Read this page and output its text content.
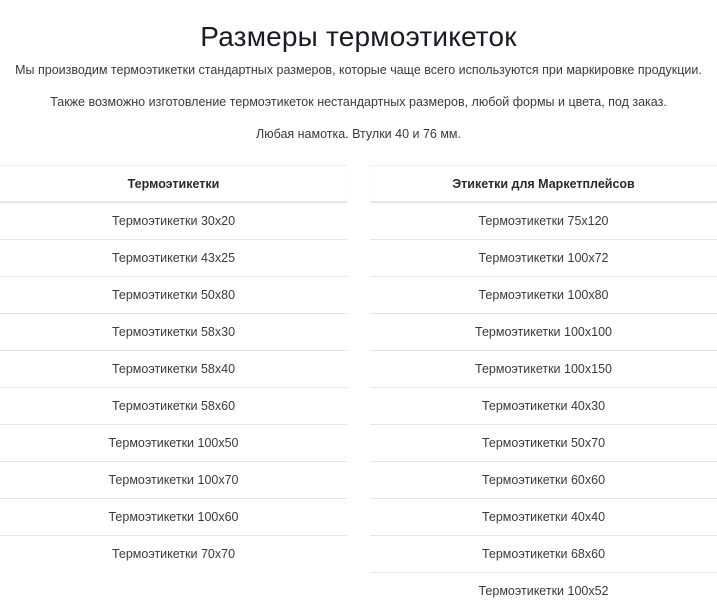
Размеры термоэтикеток

Мы производим термоэтикетки стандартных размеров, которые чаще всего используются при маркировке продукции.

Также возможно изготовление термоэтикеток нестандартных размеров, любой формы и цвета, под заказ.

Любая намотка. Втулки 40 и 76 мм.

Термоэтикетки
Термоэтикетки 30x20
Термоэтикетки 43x25
Термоэтикетки 50x80
Термоэтикетки 58x30
Термоэтикетки 58x40
Термоэтикетки 58x60
Термоэтикетки 100x50
Термоэтикетки 100x70
Термоэтикетки 100x60
Термоэтикетки 70x70
Этикетки для Маркетплейсов
Термоэтикетки 75x120
Термоэтикетки 100x72
Термоэтикетки 100x80
Термоэтикетки 100x100
Термоэтикетки 100x150
Термоэтикетки 40x30
Термоэтикетки 50x70
Термоэтикетки 60x60
Термоэтикетки 40x40
Термоэтикетки 68x60
Термоэтикетки 100x52
